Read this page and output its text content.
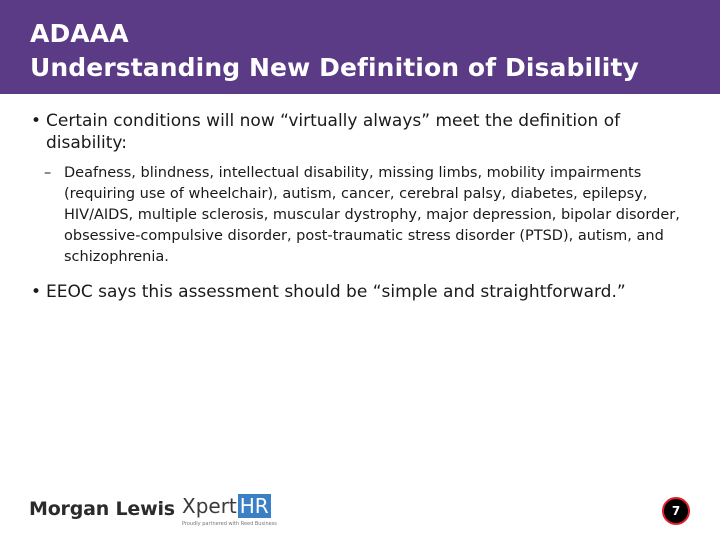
ADAAA
Understanding New Definition of Disability
• Certain conditions will now “virtually always” meet the definition of
disability:
– Deafness, blindness, intellectual disability, missing limbs, mobility impairments (requiring use of wheelchair), autism, cancer, cerebral palsy, diabetes, epilepsy, HIV/AIDS, multiple sclerosis, muscular dystrophy, major depression, bipolar disorder, obsessive-compulsive disorder, post-traumatic stress disorder (PTSD), autism, and schizophrenia.
• EEOC says this assessment should be “simple and straightforward.”
Morgan Lewis Xpert HR
Proudly partnered with Reed Business
7
